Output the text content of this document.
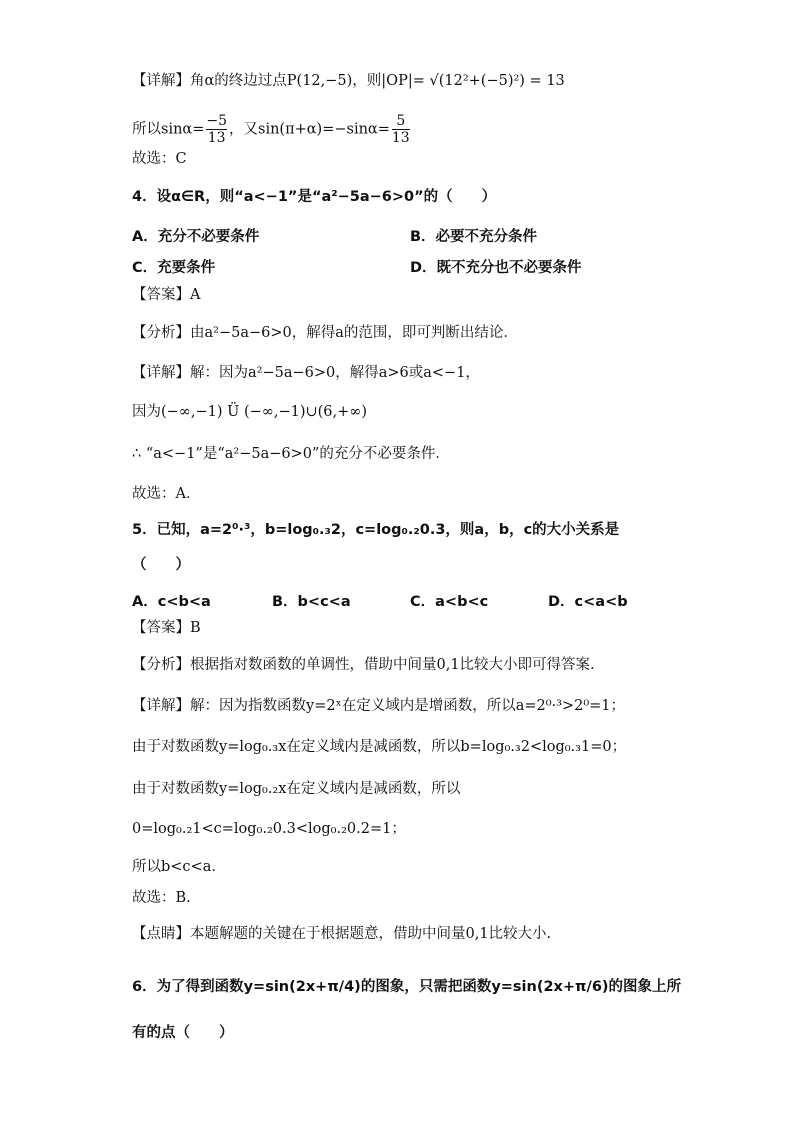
【详解】角α的终边过点P(12,−5)，则|OP|= √(12²+(−5)²) = 13
所以$\sin\alpha= \frac{-5}{13}$ ，又$\sin(\pi+\alpha)=-\sin\alpha= \frac{5}{13}$
故选：C
4．设α∈R，则“a<−1”是“a²−5a−6>0”的（　　）
A．充分不必要条件	B．必要不充分条件
C．充要条件	D．既不充分也不必要条件
【答案】A
【分析】由a²−5a−6>0，解得a的范围，即可判断出结论．
【详解】解：因为a²−5a−6>0，解得a>6或a<−1，
因为(−∞,−1) Ü (−∞,−1)∪(6,+∞)
∴ “a<−1”是“a²−5a−6>0”的充分不必要条件．
故选：A．
5．已知，a=2⁰·³，b=log₀.₃2，c=log₀.₂0.3，则a，b，c的大小关系是
（　　）
A．c<b<a	B．b<c<a	C．a<b<c	D．c<a<b
【答案】B
【分析】根据指对数函数的单调性，借助中间量0,1比较大小即可得答案.
【详解】解：因为指数函数y=2ˣ在定义域内是增函数，所以a=2⁰·³>2⁰=1；
由于对数函数y=log₀.₃x在定义域内是减函数，所以b=log₀.₃2<log₀.₃1=0；
由于对数函数y=log₀.₂x在定义域内是减函数，所以
0=log₀.₂1<c=log₀.₂0.3<log₀.₂0.2=1；
所以b<c<a．
故选：B.
【点睛】本题解题的关键在于根据题意，借助中间量0,1比较大小.
6．为了得到函数y=sin(2x+π/4)的图象，只需把函数y=sin(2x+π/6)的图象上所
有的点（　　）
